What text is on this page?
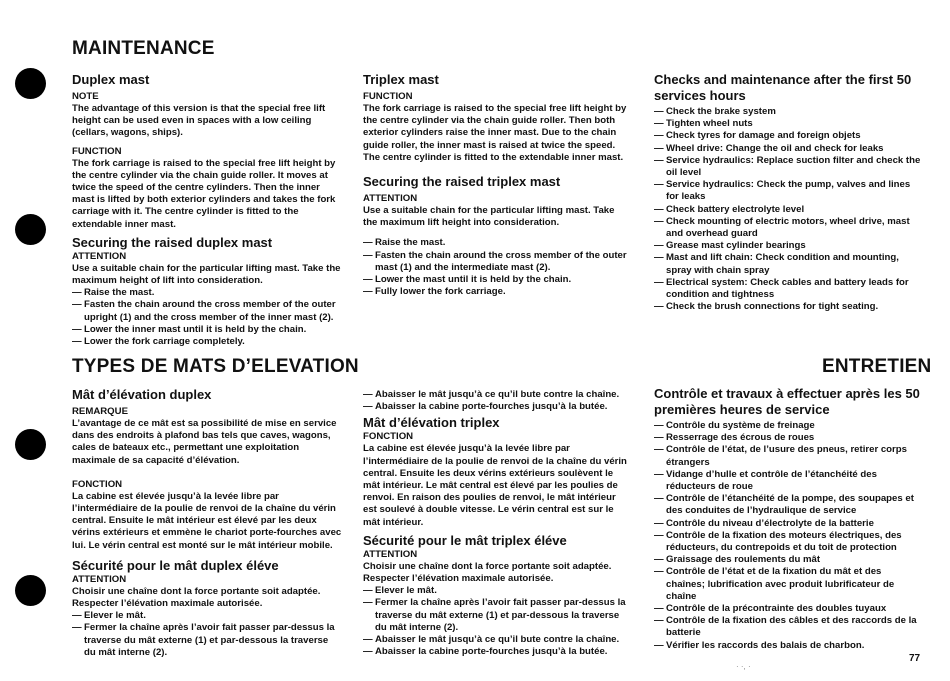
MAINTENANCE
TYPES DE MATS D’ELEVATION	ENTRETIEN
Duplex mast
NOTE

The advantage of this version is that the special free lift height can be used even in spaces with a low ceiling (cellars, wagons, ships).

FUNCTION

The fork carriage is raised to the special free lift height by the centre cylinder via the chain guide roller. It moves at twice the speed of the centre cylinders. Then the inner mast is lifted by both exterior cylinders and takes the fork carriage with it. The centre cylinder is fitted to the extendable inner mast.

Securing the raised duplex mast
ATTENTION

Use a suitable chain for the particular lifting mast. Take the maximum height of lift into consideration.

— Raise the mast.
— Fasten the chain around the cross member of the outer upright (1) and the cross member of the inner mast (2).
— Lower the inner mast until it is held by the chain.
— Lower the fork carriage completely.
Triplex mast
FUNCTION

The fork carriage is raised to the special free lift height by the centre cylinder via the chain guide roller. Then both exterior cylinders raise the inner mast. Due to the chain guide roller, the inner mast is raised at twice the speed. The centre cylinder is fitted to the extendable inner mast.

Securing the raised triplex mast
ATTENTION

Use a suitable chain for the particular lifting mast. Take the maximum lift height into consideration.

— Raise the mast.
— Fasten the chain around the cross member of the outer mast (1) and the intermediate mast (2).
— Lower the mast until it is held by the chain.
— Fully lower the fork carriage.
Checks and maintenance after the first 50 services hours
— Check the brake system
— Tighten wheel nuts
— Check tyres for damage and foreign objets
— Wheel drive: Change the oil and check for leaks
— Service hydraulics: Replace suction filter and check the oil level
— Service hydraulics: Check the pump, valves and lines for leaks
— Check battery electrolyte level
— Check mounting of electric motors, wheel drive, mast and overhead guard
— Grease mast cylinder bearings
— Mast and lift chain: Check condition and mounting, spray with chain spray
— Electrical system: Check cables and battery leads for condition and tightness
— Check the brush connections for tight seating.
Mât d’élévation duplex
REMARQUE

L’avantage de ce mât est sa possibilité de mise en service dans des endroits à plafond bas tels que caves, wagons, cales de bateaux etc., permettant une exploitation maximale de sa capacité d’élévation.

FONCTION

La cabine est élevée jusqu’à la levée libre par l’intermédiaire de la poulie de renvoi de la chaîne du vérin central. Ensuite le mât intérieur est élevé par les deux vérins extérieurs et emmène le chariot porte-fourches avec lui. Le vérin central est monté sur le mât intérieur mobile.

Sécurité pour le mât duplex éléve
ATTENTION

Choisir une chaîne dont la force portante soit adaptée. Respecter l’élévation maximale autorisée.

— Elever le mât.
— Fermer la chaîne après l’avoir fait passer par-dessus la traverse du mât externe (1) et par-dessous la traverse du mât interne (2).
— Abaisser le mât jusqu’à ce qu’il bute contre la chaîne.
— Abaisser la cabine porte-fourches jusqu’à la butée.
Mât d’élévation triplex
FONCTION

La cabine est élevée jusqu’à la levée libre par l’intermédiaire de la poulie de renvoi de la chaîne du vérin central. Ensuite les deux vérins extérieurs soulèvent le mât intérieur. Le mât central est élevé par les poulies de renvoi. En raison des poulies de renvoi, le mât intérieur est soulevé à double vitesse. Le vérin central est sur le mât intérieur.

Sécurité pour le mât triplex éléve
ATTENTION

Choisir une chaîne dont la force portante soit adaptée. Respecter l’élévation maximale autorisée.

— Elever le mât.
— Fermer la chaîne après l’avoir fait passer par-dessus la traverse du mât externe (1) et par-dessous la traverse du mât interne (2).
— Abaisser le mât jusqu’à ce qu’il bute contre la chaîne.
— Abaisser la cabine porte-fourches jusqu’à la butée.
Contrôle et travaux à effectuer après les 50 premières heures de service
— Contrôle du système de freinage
— Resserrage des écrous de roues
— Contrôle de l’état, de l’usure des pneus, retirer corps étrangers
— Vidange d’hulle et contrôle de l’étanchéité des réducteurs de roue
— Contrôle de l’étanchéité de la pompe, des soupapes et des conduites de l’hydraulique de service
— Contrôle du niveau d’électrolyte de la batterie
— Contrôle de la fixation des moteurs électriques, des réducteurs, du contrepoids et du toit de protection
— Graissage des roulements du mât
— Contrôle de l’état et de la fixation du mât et des chaînes; lubrification avec produit lubrificateur de chaîne
— Contrôle de la précontrainte des doubles tuyaux
— Contrôle de la fixation des câbles et des raccords de la batterie
— Vérifier les raccords des balais de charbon.
· ·, ·
77
